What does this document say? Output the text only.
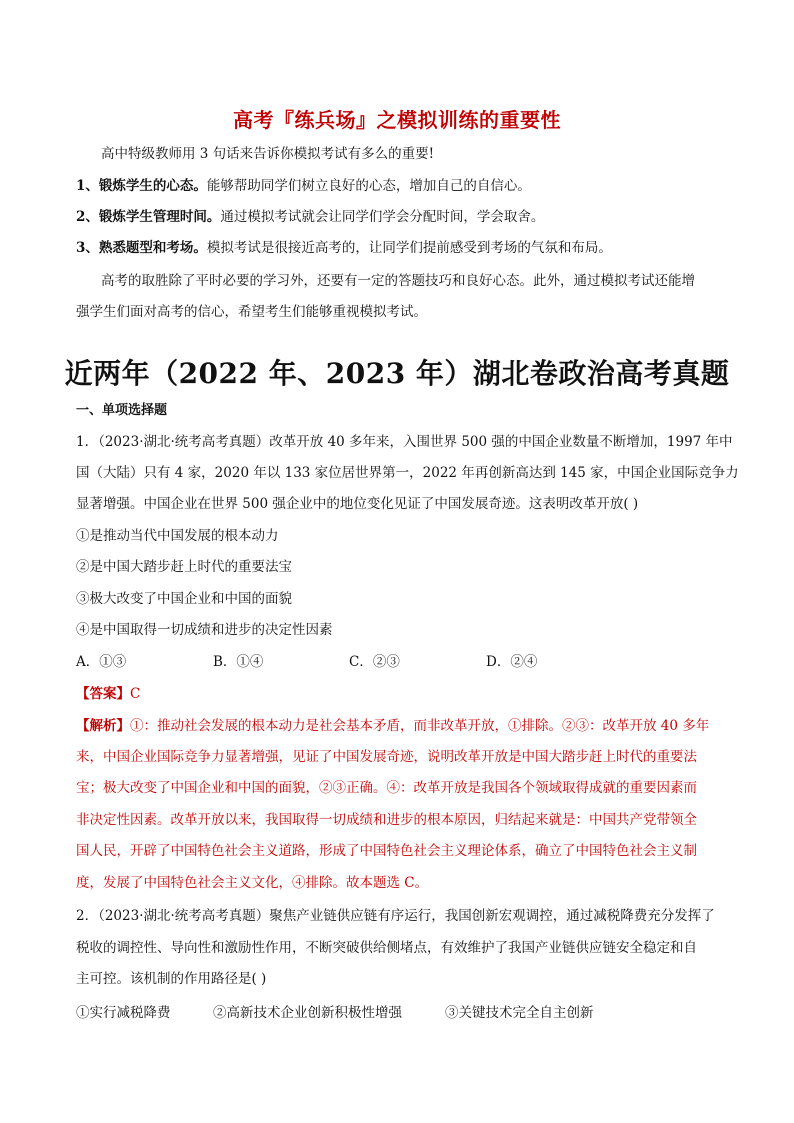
高考『练兵场』之模拟训练的重要性
高中特级教师用 3 句话来告诉你模拟考试有多么的重要!
1、锻炼学生的心态。能够帮助同学们树立良好的心态，增加自己的自信心。
2、锻炼学生管理时间。通过模拟考试就会让同学们学会分配时间，学会取舍。
3、熟悉题型和考场。模拟考试是很接近高考的，让同学们提前感受到考场的气氛和布局。
高考的取胜除了平时必要的学习外，还要有一定的答题技巧和良好心态。此外，通过模拟考试还能增
强学生们面对高考的信心，希望考生们能够重视模拟考试。
近两年（2022 年、2023 年）湖北卷政治高考真题
一、单项选择题
1．（2023·湖北·统考高考真题）改革开放 40 多年来，入围世界 500 强的中国企业数量不断增加，1997 年中
国（大陆）只有 4 家，2020 年以 133 家位居世界第一，2022 年再创新高达到 145 家，中国企业国际竞争力
显著增强。中国企业在世界 500 强企业中的地位变化见证了中国发展奇迹。这表明改革开放( )
①是推动当代中国发展的根本动力
②是中国大踏步赶上时代的重要法宝
③极大改变了中国企业和中国的面貌
④是中国取得一切成绩和进步的决定性因素
A．①③	B．①④	C．②③	D．②④
【答案】C
【解析】①：推动社会发展的根本动力是社会基本矛盾，而非改革开放，①排除。②③：改革开放 40 多年
来，中国企业国际竞争力显著增强，见证了中国发展奇迹，说明改革开放是中国大踏步赶上时代的重要法
宝；极大改变了中国企业和中国的面貌，②③正确。④：改革开放是我国各个领域取得成就的重要因素而
非决定性因素。改革开放以来，我国取得一切成绩和进步的根本原因，归结起来就是：中国共产党带领全
国人民，开辟了中国特色社会主义道路，形成了中国特色社会主义理论体系，确立了中国特色社会主义制
度，发展了中国特色社会主义文化，④排除。故本题选 C。
2．（2023·湖北·统考高考真题）聚焦产业链供应链有序运行，我国创新宏观调控，通过减税降费充分发挥了
税收的调控性、导向性和激励性作用，不断突破供给侧堵点，有效维护了我国产业链供应链安全稳定和自
主可控。该机制的作用路径是( )
①实行减税降费	②高新技术企业创新积极性增强	③关键技术完全自主创新
